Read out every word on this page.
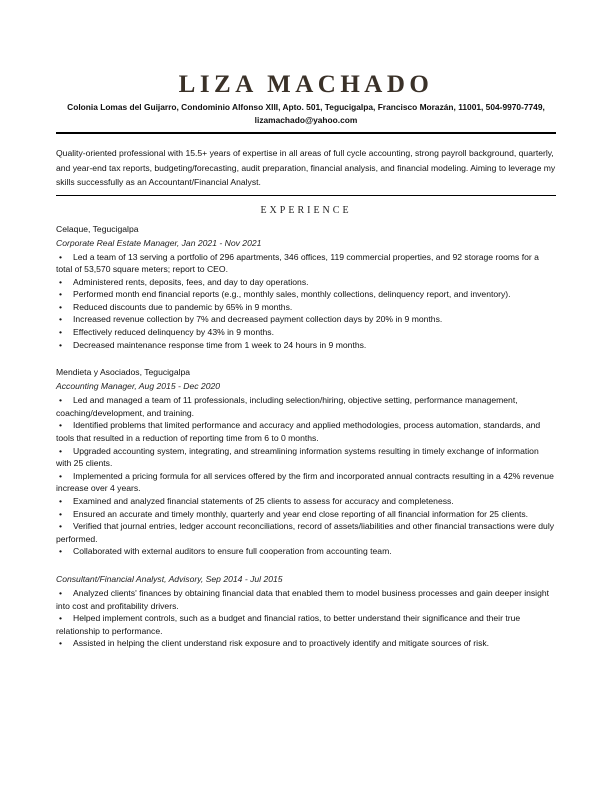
LIZA MACHADO
Colonia Lomas del Guijarro, Condominio Alfonso XIII, Apto. 501, Tegucigalpa, Francisco Morazán, 11001, 504-9970-7749, lizamachado@yahoo.com
Quality-oriented professional with 15.5+ years of expertise in all areas of full cycle accounting, strong payroll background, quarterly, and year-end tax reports, budgeting/forecasting, audit preparation, financial analysis, and financial modeling. Aiming to leverage my skills successfully as an Accountant/Financial Analyst.
EXPERIENCE
Celaque, Tegucigalpa
Corporate Real Estate Manager, Jan 2021 - Nov 2021
• Led a team of 13 serving a portfolio of 296 apartments, 346 offices, 119 commercial properties, and 92 storage rooms for a total of 53,570 square meters; report to CEO.
• Administered rents, deposits, fees, and day to day operations.
• Performed month end financial reports (e.g., monthly sales, monthly collections, delinquency report, and inventory).
• Reduced discounts due to pandemic by 65% in 9 months.
• Increased revenue collection by 7% and decreased payment collection days by 20% in 9 months.
• Effectively reduced delinquency by 43% in 9 months.
• Decreased maintenance response time from 1 week to 24 hours in 9 months.
Mendieta y Asociados, Tegucigalpa
Accounting Manager, Aug 2015 - Dec 2020
• Led and managed a team of 11 professionals, including selection/hiring, objective setting, performance management, coaching/development, and training.
• Identified problems that limited performance and accuracy and applied methodologies, process automation, standards, and tools that resulted in a reduction of reporting time from 6 to 0 months.
• Upgraded accounting system, integrating, and streamlining information systems resulting in timely exchange of information with 25 clients.
• Implemented a pricing formula for all services offered by the firm and incorporated annual contracts resulting in a 42% revenue increase over 4 years.
• Examined and analyzed financial statements of 25 clients to assess for accuracy and completeness.
• Ensured an accurate and timely monthly, quarterly and year end close reporting of all financial information for 25 clients.
• Verified that journal entries, ledger account reconciliations, record of assets/liabilities and other financial transactions were duly performed.
• Collaborated with external auditors to ensure full cooperation from accounting team.
Consultant/Financial Analyst, Advisory, Sep 2014 - Jul 2015
• Analyzed clients' finances by obtaining financial data that enabled them to model business processes and gain deeper insight into cost and profitability drivers.
• Helped implement controls, such as a budget and financial ratios, to better understand their significance and their true relationship to performance.
• Assisted in helping the client understand risk exposure and to proactively identify and mitigate sources of risk.
